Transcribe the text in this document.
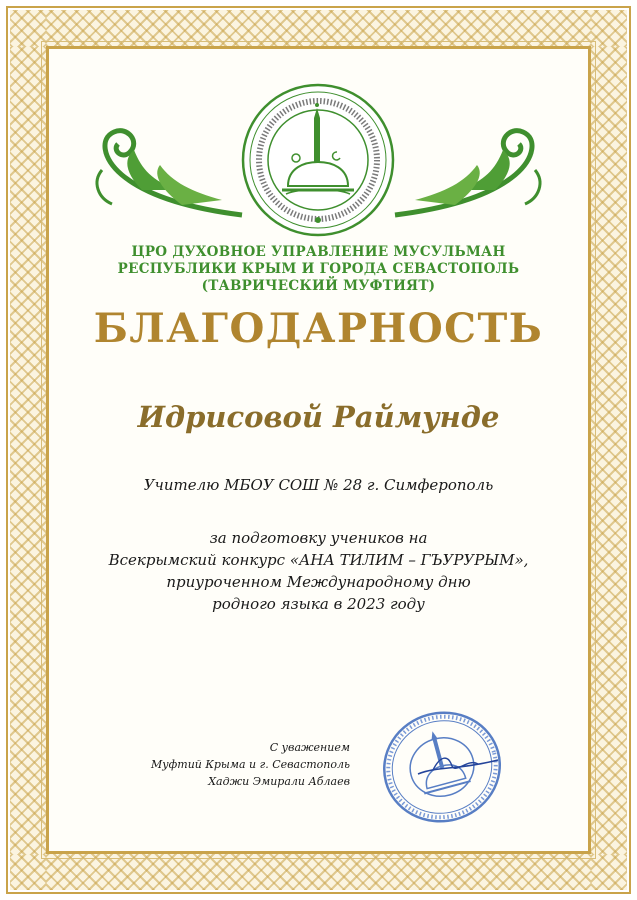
ЦРО ДУХОВНОЕ УПРАВЛЕНИЕ МУСУЛЬМАН
РЕСПУБЛИКИ КРЫМ И ГОРОДА СЕВАСТОПОЛЬ
(ТАВРИЧЕСКИЙ МУФТИЯТ)
БЛАГОДАРНОСТЬ
Идрисовой Раймунде
Учителю МБОУ СОШ № 28 г. Симферополь
за подготовку учеников на
Всекрымский конкурс «АНА ТИЛИМ – ГЪУРУРЫМ»,
приуроченном Международному дню
родного языка в 2023 году
С уважением
Муфтий Крыма и г. Севастополь
Хаджи Эмирали Аблаев
